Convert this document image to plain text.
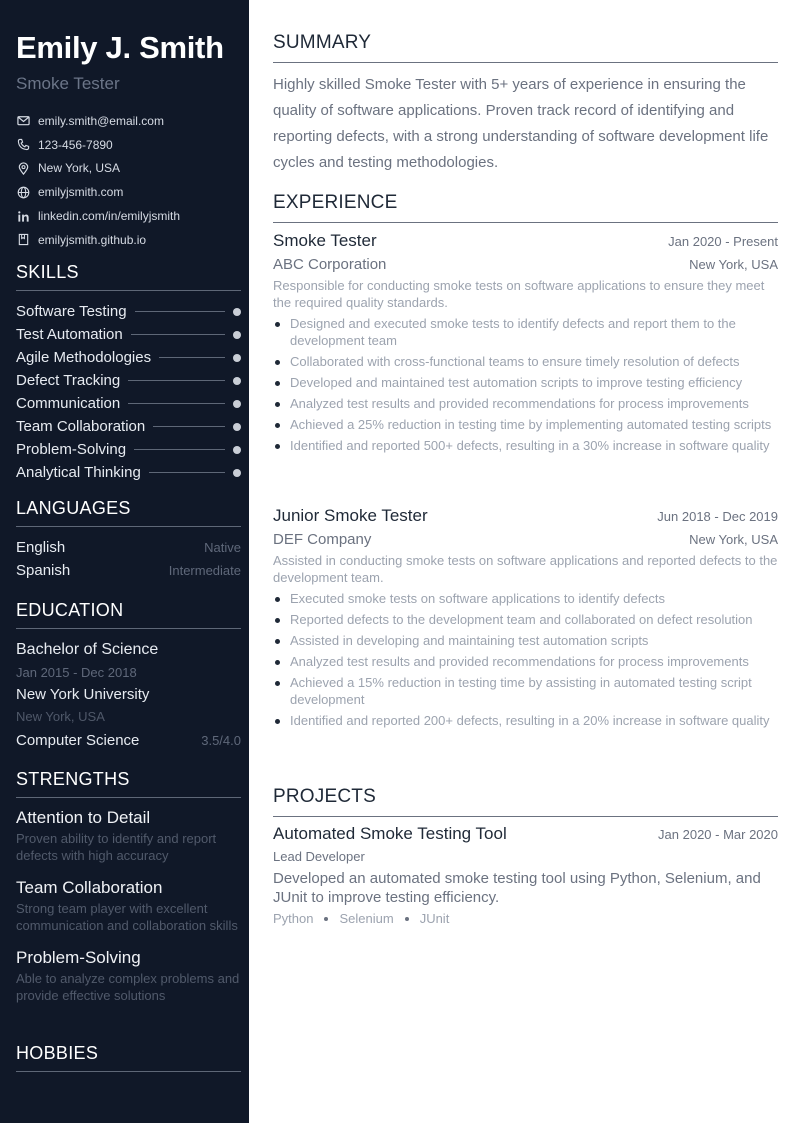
Emily J. Smith
Smoke Tester
emily.smith@email.com
123-456-7890
New York, USA
emilyjsmith.com
linkedin.com/in/emilyjsmith
emilyjsmith.github.io
SKILLS
Software Testing
Test Automation
Agile Methodologies
Defect Tracking
Communication
Team Collaboration
Problem-Solving
Analytical Thinking
LANGUAGES
English	Native
Spanish	Intermediate
EDUCATION
Bachelor of Science
Jan 2015 - Dec 2018
New York University
New York, USA
Computer Science	3.5/4.0
STRENGTHS
Attention to Detail
Proven ability to identify and report defects with high accuracy
Team Collaboration
Strong team player with excellent communication and collaboration skills
Problem-Solving
Able to analyze complex problems and provide effective solutions
HOBBIES
SUMMARY
Highly skilled Smoke Tester with 5+ years of experience in ensuring the quality of software applications. Proven track record of identifying and reporting defects, with a strong understanding of software development life cycles and testing methodologies.
EXPERIENCE
Smoke Tester	Jan 2020 - Present
ABC Corporation	New York, USA
Responsible for conducting smoke tests on software applications to ensure they meet the required quality standards.
Designed and executed smoke tests to identify defects and report them to the development team
Collaborated with cross-functional teams to ensure timely resolution of defects
Developed and maintained test automation scripts to improve testing efficiency
Analyzed test results and provided recommendations for process improvements
Achieved a 25% reduction in testing time by implementing automated testing scripts
Identified and reported 500+ defects, resulting in a 30% increase in software quality
Junior Smoke Tester	Jun 2018 - Dec 2019
DEF Company	New York, USA
Assisted in conducting smoke tests on software applications and reported defects to the development team.
Executed smoke tests on software applications to identify defects
Reported defects to the development team and collaborated on defect resolution
Assisted in developing and maintaining test automation scripts
Analyzed test results and provided recommendations for process improvements
Achieved a 15% reduction in testing time by assisting in automated testing script development
Identified and reported 200+ defects, resulting in a 20% increase in software quality
PROJECTS
Automated Smoke Testing Tool	Jan 2020 - Mar 2020
Lead Developer
Developed an automated smoke testing tool using Python, Selenium, and JUnit to improve testing efficiency.
Python Selenium JUnit
